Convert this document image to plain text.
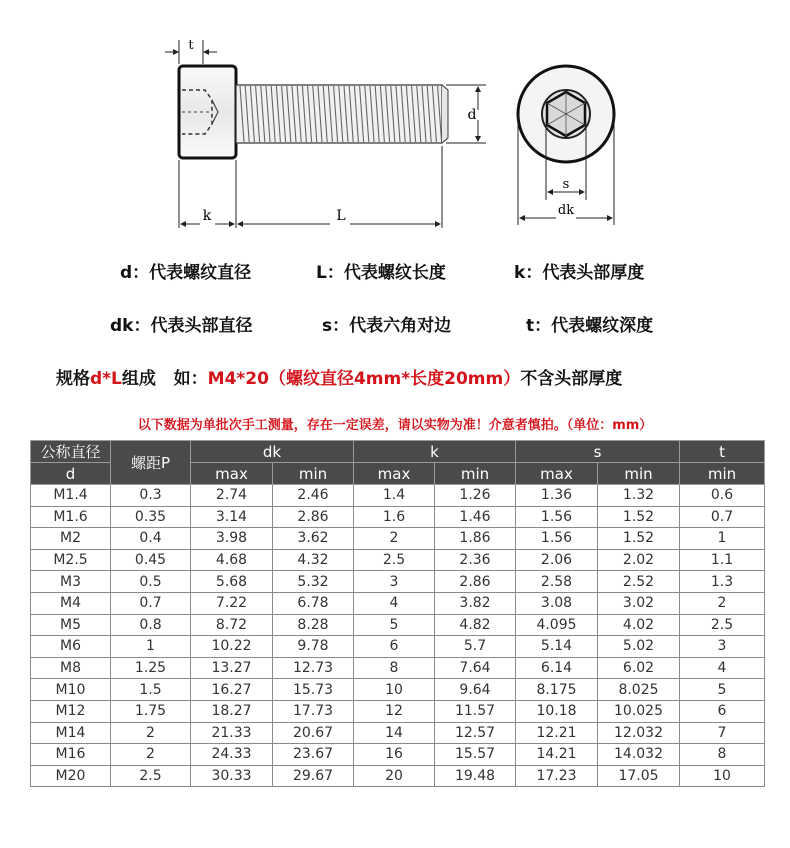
t
d
k	L
s
dk
d：代表螺纹直径	L：代表螺纹长度	k：代表头部厚度
dk：代表头部直径	s：代表六角对边	t：代表螺纹深度
规格d*L组成   如：M4*20（螺纹直径4mm*长度20mm）不含头部厚度
以下数据为单批次手工测量，存在一定误差，请以实物为准！介意者慎拍。（单位：mm）
公称直径	螺距P	dk		k		s		t
d		max	min	max	min	max	min	min
M1.4	0.3	2.74	2.46	1.4	1.26	1.36	1.32	0.6
M1.6	0.35	3.14	2.86	1.6	1.46	1.56	1.52	0.7
M2	0.4	3.98	3.62	2	1.86	1.56	1.52	1
M2.5	0.45	4.68	4.32	2.5	2.36	2.06	2.02	1.1
M3	0.5	5.68	5.32	3	2.86	2.58	2.52	1.3
M4	0.7	7.22	6.78	4	3.82	3.08	3.02	2
M5	0.8	8.72	8.28	5	4.82	4.095	4.02	2.5
M6	1	10.22	9.78	6	5.7	5.14	5.02	3
M8	1.25	13.27	12.73	8	7.64	6.14	6.02	4
M10	1.5	16.27	15.73	10	9.64	8.175	8.025	5
M12	1.75	18.27	17.73	12	11.57	10.18	10.025	6
M14	2	21.33	20.67	14	12.57	12.21	12.032	7
M16	2	24.33	23.67	16	15.57	14.21	14.032	8
M20	2.5	30.33	29.67	20	19.48	17.23	17.05	10
